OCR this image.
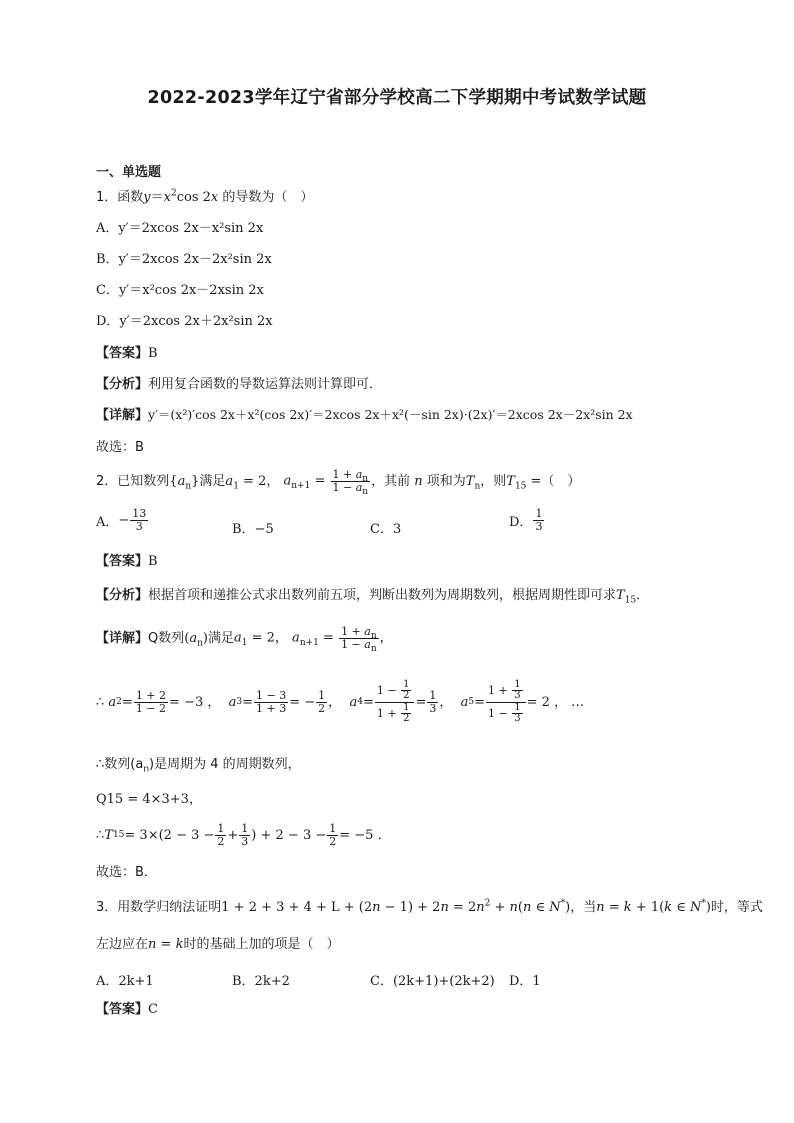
2022-2023学年辽宁省部分学校高二下学期期中考试数学试题
一、单选题
1．函数$y=x^2\cos$ 2x 的导数为（　）
A．y′＝2xcos 2x－x²sin 2x
B．y′＝2xcos 2x－2x²sin 2x
C．y′＝x²cos 2x－2xsin 2x
D．y′＝2xcos 2x＋2x²sin 2x
【答案】B
【分析】利用复合函数的导数运算法则计算即可．
【详解】y′＝(x²)′cos 2x＋x²(cos 2x)′＝2xcos 2x＋x²(－sin 2x)·(2x)′＝2xcos 2x－2x²sin 2x
故选：B
2．已知数列 $\{a_n\}$ 满足 $a_1 = 2$，
$a_{n+1} = \frac{1 + a_n}{1 - a_n}$ ，其前
n
项和为 $T_n$ ，则 $T_{15}$ = （　）
A． − $\frac{13}{3}$	B．−5	C．3	D． $\frac{1}{3}$
【答案】B
【分析】根据首项和递推公式求出数列前五项，判断出数列为周期数列，根据周期性即可求$T_{15}$．
【详解】 Q数列 $(a_n)$ 满足 $a_1 = 2$， $a_{n+1} = \frac{1 + a_n}{1 - a_n}$ ，
∴ a $2 = \frac{1 + 2}{1 - 2} = -3$ ， a $3 = \frac{1 - 3}{1 + 3}$ = − $\frac{1}{2}$ ， a $4 = \frac{1 - \frac{1}{2}}{1 + \frac{1}{2}} = \frac{1}{3}$ ， a $5 = \frac{1 + \frac{1}{3}}{1 - \frac{1}{3}} = 2$ ， …
∴数列$(a_n)$是周期为 4 的周期数列，
Q15 = 4×3+3，
∴ T $15 = 3\times(2 - 3 - \frac{1}{2} + \frac{1}{3}$ ) + $2 - 3 - \frac{1}{2} = -5$ ．
故选：B．
3．用数学归纳法证明 $1 + 2 + 3 + 4 + L + (2n - 1) + 2n = 2n^2 + n(n$ ∈ N*) ，当 n = k + 1(k ∈ N*) 时，等式
左边应在n = k时的基础上加的项是（　）
A．2k+1	B．2k+2	C．(2k+1)+(2k+2) D．1
【答案】C
